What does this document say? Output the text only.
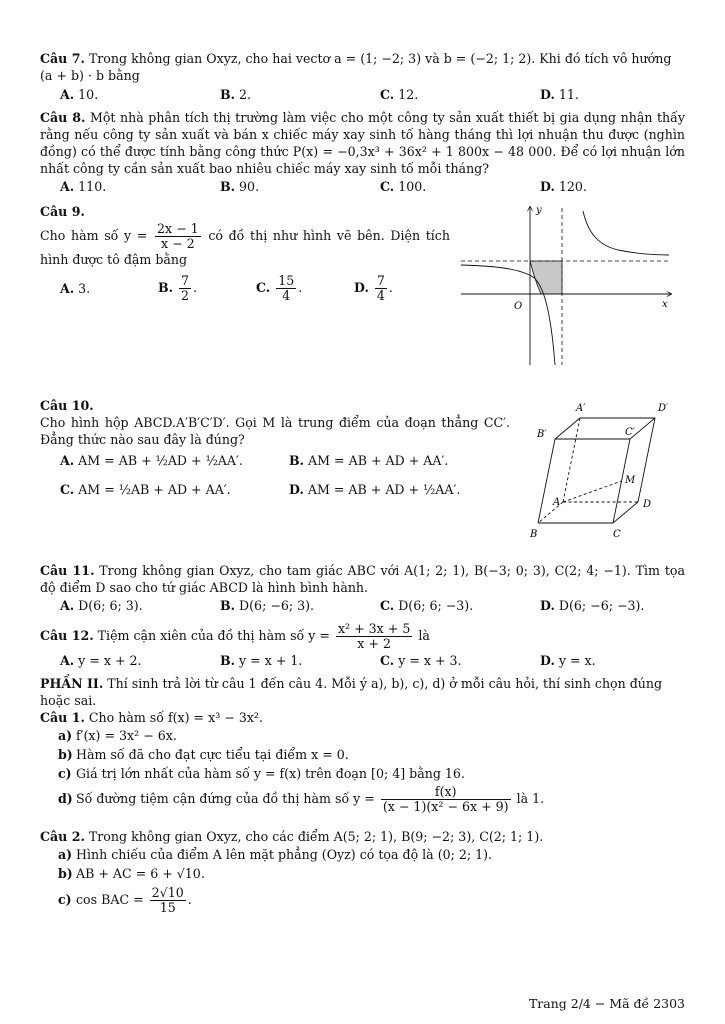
Câu 7. Trong không gian Oxyz, cho hai vectơ a = (1; −2; 3) và b = (−2; 1; 2). Khi đó tích vô hướng
(a + b) · b bằng
A. 10.	B. 2.	C. 12.	D. 11.
Câu 8. Một nhà phân tích thị trường làm việc cho một công ty sản xuất thiết bị gia dụng nhận thấy rằng nếu công ty sản xuất và bán x chiếc máy xay sinh tố hàng tháng thì lợi nhuận thu được (nghìn đồng) có thể được tính bằng công thức P(x) = −0,3x³ + 36x² + 1 800x − 48 000. Để có lợi nhuận lớn nhất công ty cần sản xuất bao nhiêu chiếc máy xay sinh tố mỗi tháng?
A. 110.	B. 90.	C. 100.	D. 120.
Câu 9.
Cho hàm số $y = \frac{2x - 1}{x - 2}$ có đồ thị như hình vẽ bên. Diện tích hình được tô đậm bằng
A. 3.	B. $\frac{7}{2}$ .	C. $\frac{15}{4}$ .	D. $\frac{7}{4}$ .
y
x
O
Câu 10.
Cho hình hộp ABCD.A′B′C′D′. Gọi M là trung điểm của đoạn thẳng CC′. Đẳng thức nào sau đây là đúng?
A. AM = AB + ½AD + ½AA′.	B. AM = AB + AD + AA′.
C. AM = ½AB + AD + AA′.	D. AM = AB + AD + ½AA′.
A′	D′
B′	C′
M
A	D
B	C
Câu 11. Trong không gian Oxyz, cho tam giác ABC với A(1; 2; 1), B(−3; 0; 3), C(2; 4; −1). Tìm tọa độ điểm D sao cho tứ giác ABCD là hình bình hành.
A. D(6; 6; 3).	B. D(6; −6; 3).	C. D(6; 6; −3).	D. D(6; −6; −3).
Câu 12. Tiệm cận xiên của đồ thị hàm số $y = \frac{\text{x² + 3x + 5}}{x + 2}$ là
A. y = x + 2.	B. y = x + 1.	C. y = x + 3.	D. y = x.
PHẦN II. Thí sinh trả lời từ câu 1 đến câu 4. Mỗi ý a), b), c), d) ở mỗi câu hỏi, thí sinh chọn đúng hoặc sai.
Câu 1. Cho hàm số f(x) = x³ − 3x².
a) f′(x) = 3x² − 6x.
b) Hàm số đã cho đạt cực tiểu tại điểm x = 0.
c) Giá trị lớn nhất của hàm số y = f(x) trên đoạn [0; 4] bằng 16.
d) Số đường tiệm cận đứng của đồ thị hàm số $y = \frac{f(x)}{\text{(x − 1)(x² − 6x + 9)}}$ là 1.
Câu 2. Trong không gian Oxyz, cho các điểm A(5; 2; 1), B(9; −2; 3), C(2; 1; 1).
a) Hình chiếu của điểm A lên mặt phẳng (Oyz) có tọa độ là (0; 2; 1).
b) AB + AC = 6 + √10.
c) cos BAC = $\frac{2√10}{15}$ .
Trang 2/4 − Mã đề 2303
